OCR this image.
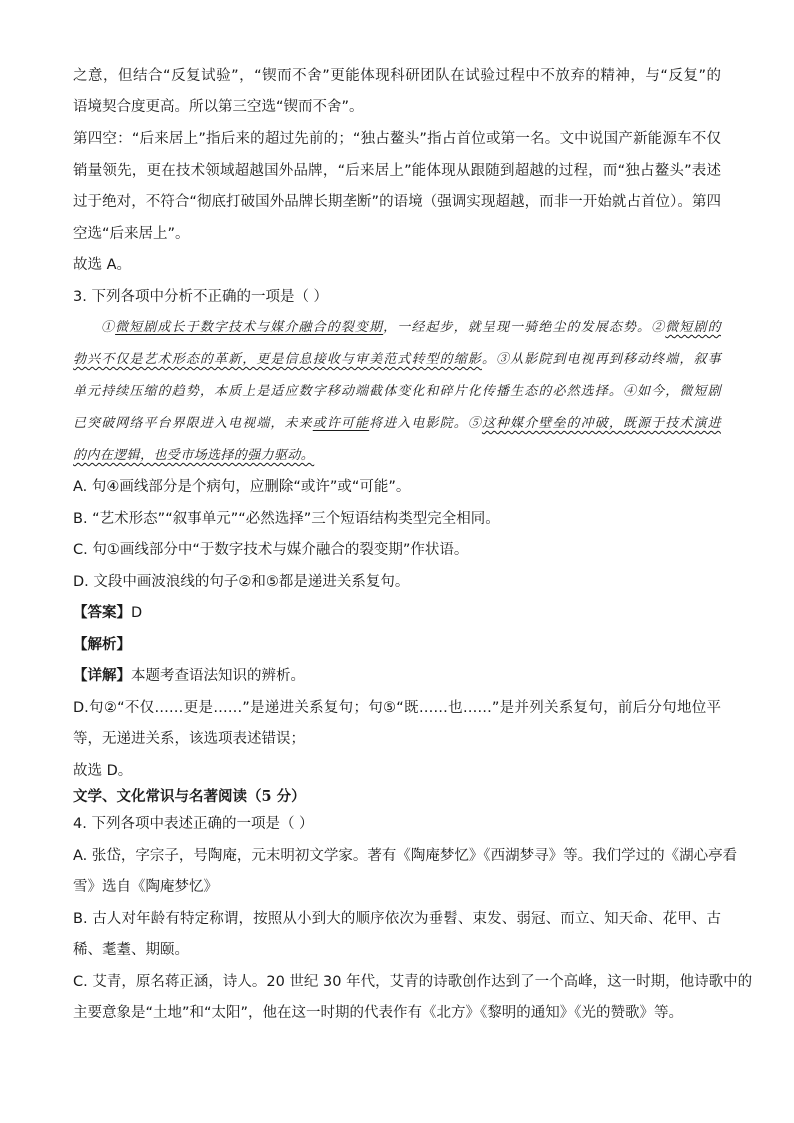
之意，但结合“反复试验”，“锲而不舍”更能体现科研团队在试验过程中不放弃的精神，与“反复”的
语境契合度更高。所以第三空选“锲而不舍”。
第四空：“后来居上”指后来的超过先前的；“独占鳌头”指占首位或第一名。文中说国产新能源车不仅
销量领先，更在技术领域超越国外品牌，“后来居上”能体现从跟随到超越的过程，而“独占鳌头”表述
过于绝对，不符合“彻底打破国外品牌长期垄断”的语境（强调实现超越，而非一开始就占首位）。第四
空选“后来居上”。
故选 A。
3. 下列各项中分析不正确的一项是（ ）
①微短剧成长于数字技术与媒介融合的裂变期，一经起步，就呈现一骑绝尘的发展态势。②微短剧的
勃兴不仅是艺术形态的革新，更是信息接收与审美范式转型的缩影。③从影院到电视再到移动终端，叙事
单元持续压缩的趋势，本质上是适应数字移动端截体变化和碎片化传播生态的必然选择。④如今，微短剧
已突破网络平台界限进入电视端，未来或许可能将进入电影院。⑤这种媒介壁垒的冲破，既源于技术演进
的内在逻辑，也受市场选择的强力驱动。
A. 句④画线部分是个病句，应删除“或许”或“可能”。
B. “艺术形态”“叙事单元”“必然选择”三个短语结构类型完全相同。
C. 句①画线部分中“于数字技术与媒介融合的裂变期”作状语。
D. 文段中画波浪线的句子②和⑤都是递进关系复句。
【答案】D
【解析】
【详解】本题考查语法知识的辨析。
D.句②“不仅……更是……”是递进关系复句；句⑤“既……也……”是并列关系复句，前后分句地位平
等，无递进关系，该选项表述错误；
故选 D。
文学、文化常识与名著阅读（5 分）
4. 下列各项中表述正确的一项是（ ）
A. 张岱，字宗子，号陶庵，元末明初文学家。著有《陶庵梦忆》《西湖梦寻》等。我们学过的《湖心亭看
雪》选自《陶庵梦忆》
B. 古人对年龄有特定称谓，按照从小到大的顺序依次为垂髫、束发、弱冠、而立、知天命、花甲、古
稀、耄耋、期颐。
C. 艾青，原名蒋正涵，诗人。20 世纪 30 年代，艾青的诗歌创作达到了一个高峰，这一时期，他诗歌中的
主要意象是“土地”和“太阳”，他在这一时期的代表作有《北方》《黎明的通知》《光的赞歌》等。
